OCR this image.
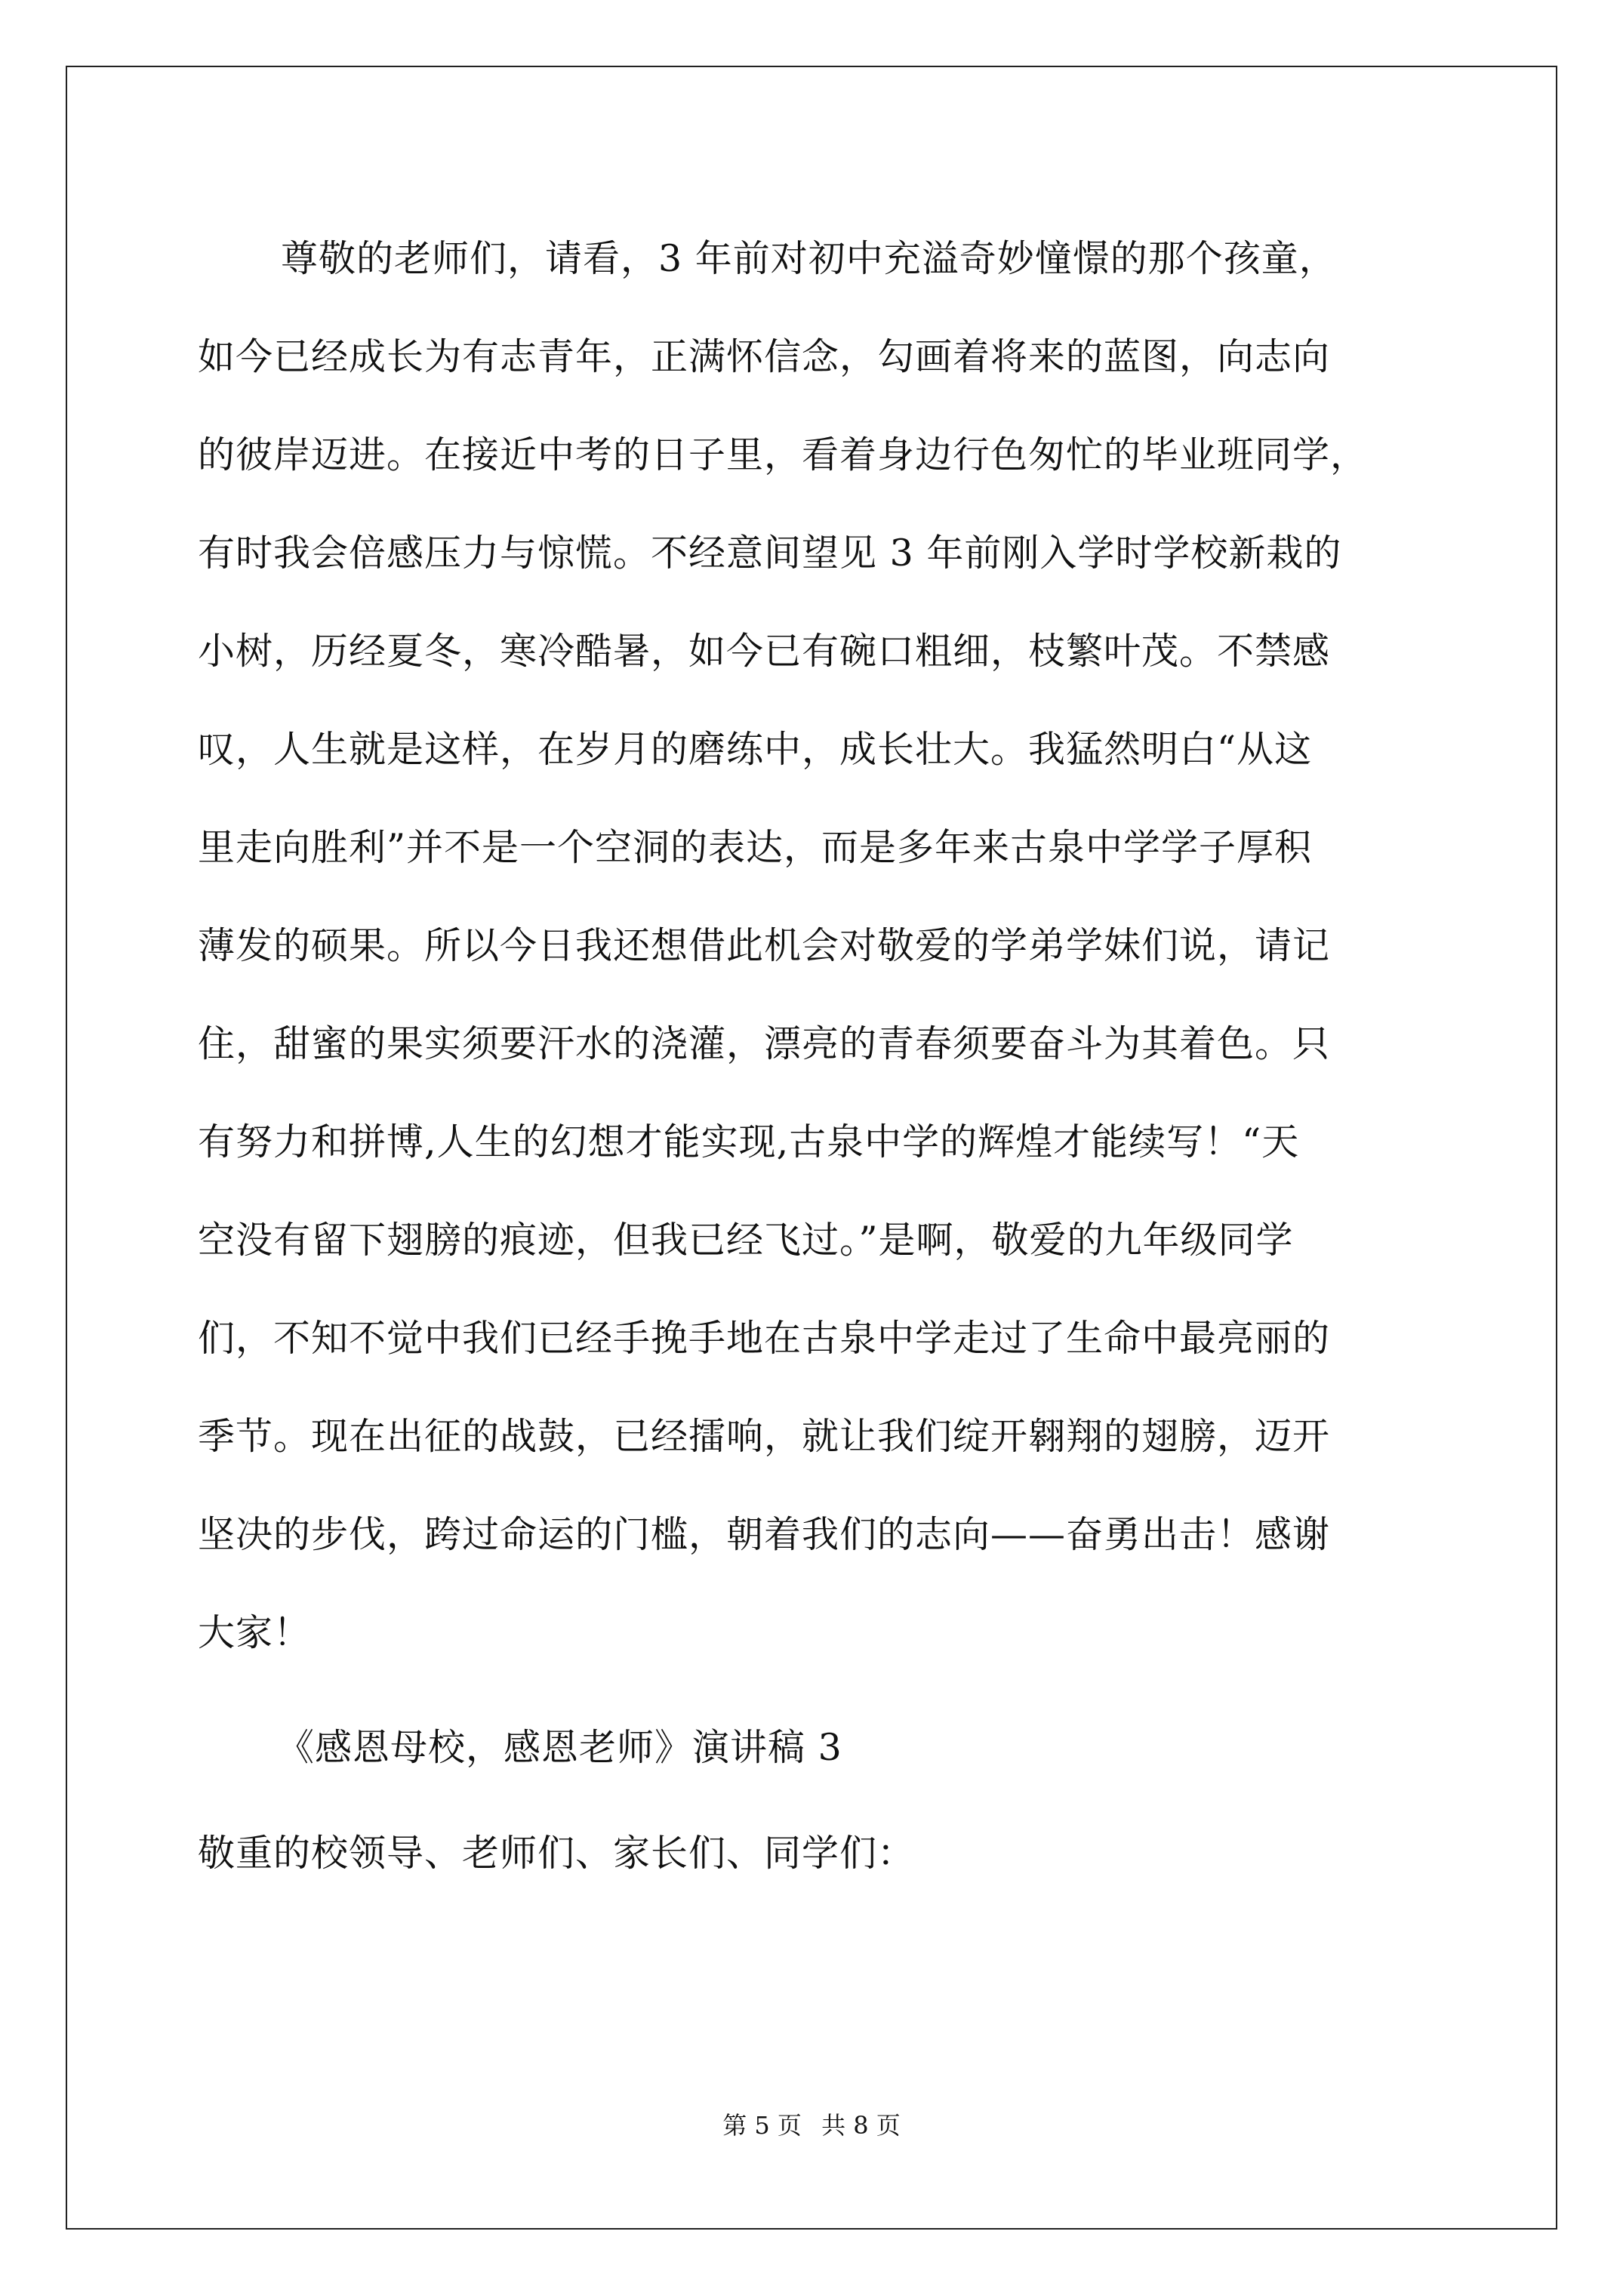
尊敬的老师们，请看，3 年前对初中充溢奇妙憧憬的那个孩童，
如今已经成长为有志青年，正满怀信念，勾画着将来的蓝图，向志向
的彼岸迈进。在接近中考的日子里，看着身边行色匆忙的毕业班同学，
有时我会倍感压力与惊慌。不经意间望见 3 年前刚入学时学校新栽的
小树，历经夏冬，寒冷酷暑，如今已有碗口粗细，枝繁叶茂。不禁感
叹，人生就是这样，在岁月的磨练中，成长壮大。我猛然明白“从这
里走向胜利”并不是一个空洞的表达，而是多年来古泉中学学子厚积
薄发的硕果。所以今日我还想借此机会对敬爱的学弟学妹们说，请记
住，甜蜜的果实须要汗水的浇灌，漂亮的青春须要奋斗为其着色。只
有努力和拼博,人生的幻想才能实现,古泉中学的辉煌才能续写！“天
空没有留下翅膀的痕迹，但我已经飞过。”是啊，敬爱的九年级同学
们，不知不觉中我们已经手挽手地在古泉中学走过了生命中最亮丽的
季节。现在出征的战鼓，已经擂响，就让我们绽开翱翔的翅膀，迈开
坚决的步伐，跨过命运的门槛，朝着我们的志向——奋勇出击！感谢
大家！
《感恩母校，感恩老师》演讲稿 3
敬重的校领导、老师们、家长们、同学们：
第 5 页 共 8 页
